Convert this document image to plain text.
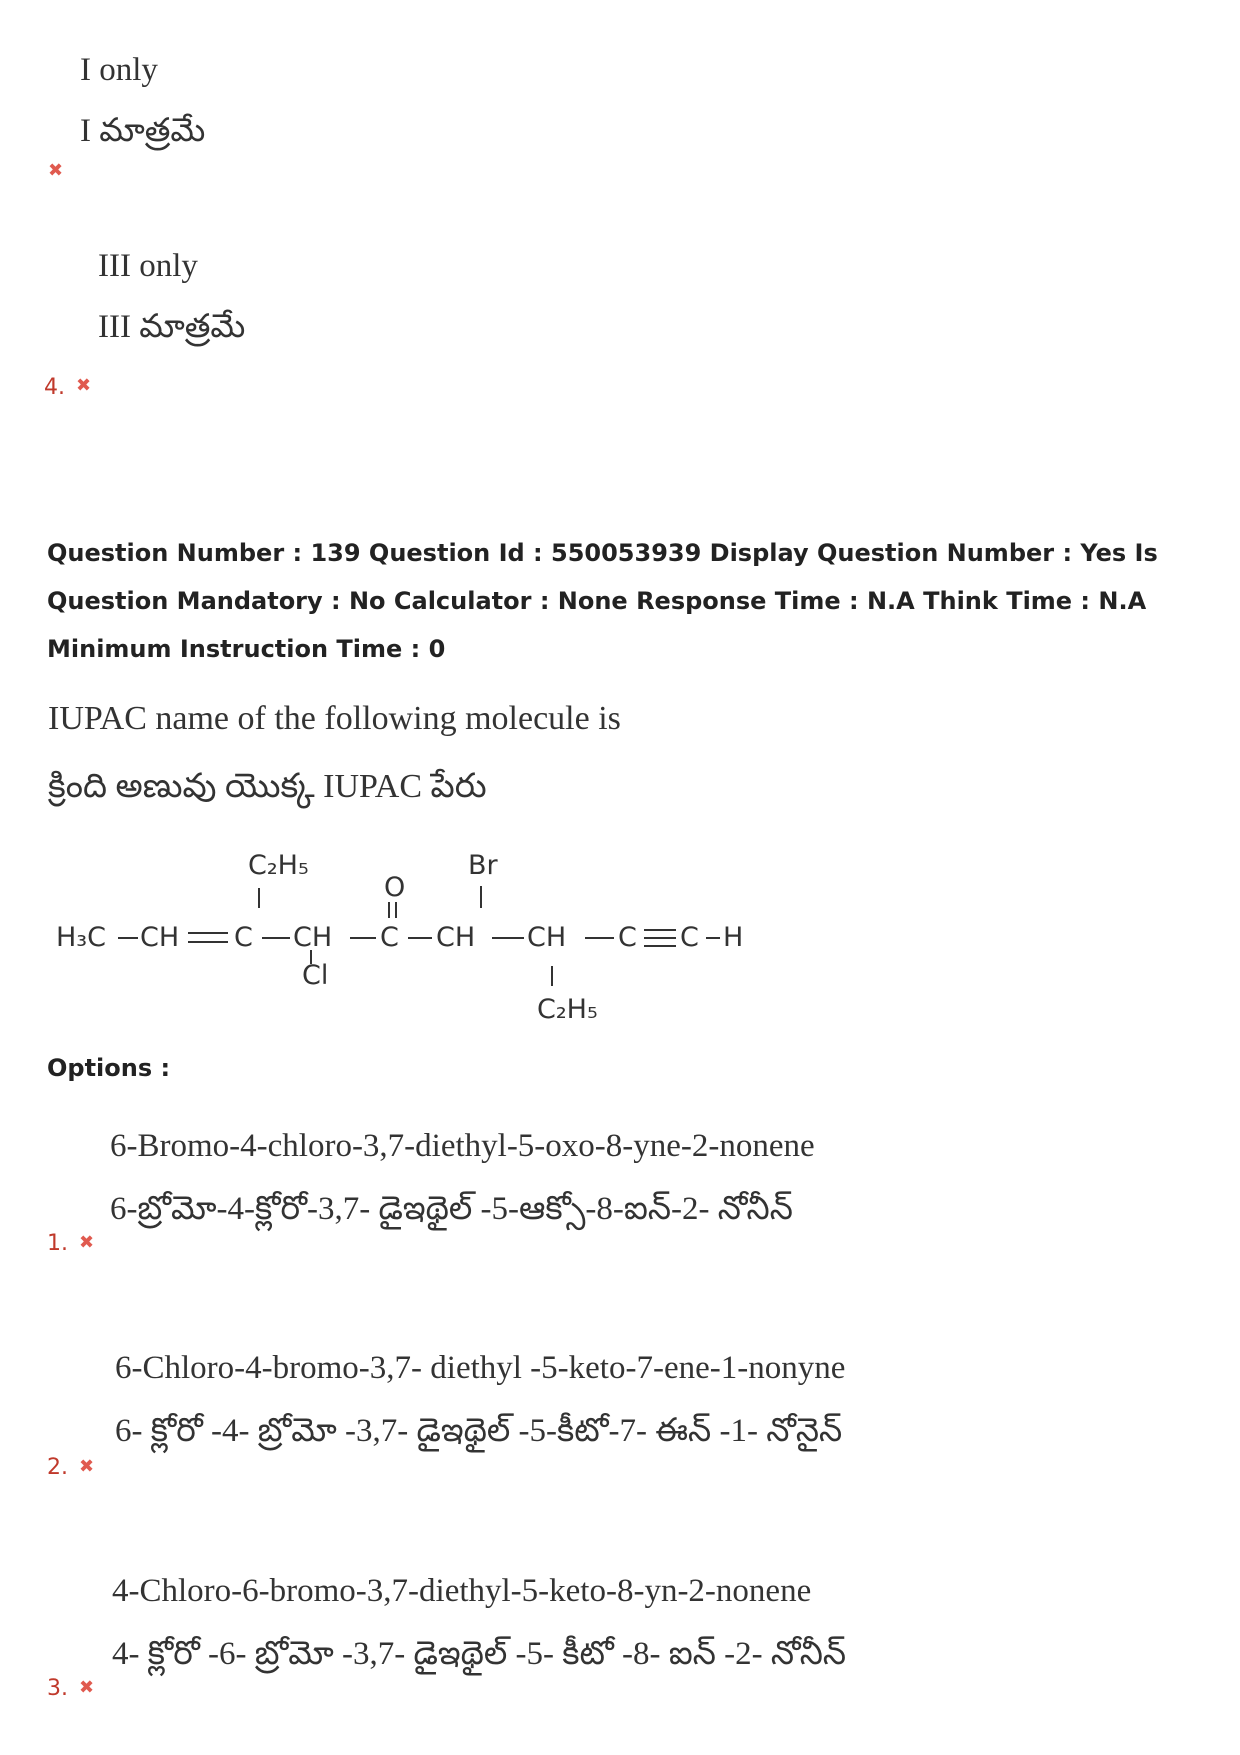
I only
I మాత్రమే
✖
III only
III మాత్రమే
4. ✖
Question Number : 139 Question Id : 550053939 Display Question Number : Yes Is Question Mandatory : No Calculator : None Response Time : N.A Think Time : N.A Minimum Instruction Time : 0
IUPAC name of the following molecule is
క్రింది అణువు యొక్క IUPAC పేరు
H₃C CH C CH C CH CH C C H
C₂H₅
O
Br
Cl
C₂H₅
Options :
6-Bromo-4-chloro-3,7-diethyl-5-oxo-8-yne-2-nonene
6-బ్రోమో-4-క్లోరో-3,7- డైఇథైల్ -5-ఆక్సో-8-ఐన్-2- నోనీన్
1. ✖
6-Chloro-4-bromo-3,7- diethyl -5-keto-7-ene-1-nonyne
6- క్లోరో -4- బ్రోమో -3,7- డైఇథైల్ -5-కీటో-7- ఈన్ -1- నోనైన్
2. ✖
4-Chloro-6-bromo-3,7-diethyl-5-keto-8-yn-2-nonene
4- క్లోరో -6- బ్రోమో -3,7- డైఇథైల్ -5- కీటో -8- ఐన్ -2- నోనీన్
3. ✖
